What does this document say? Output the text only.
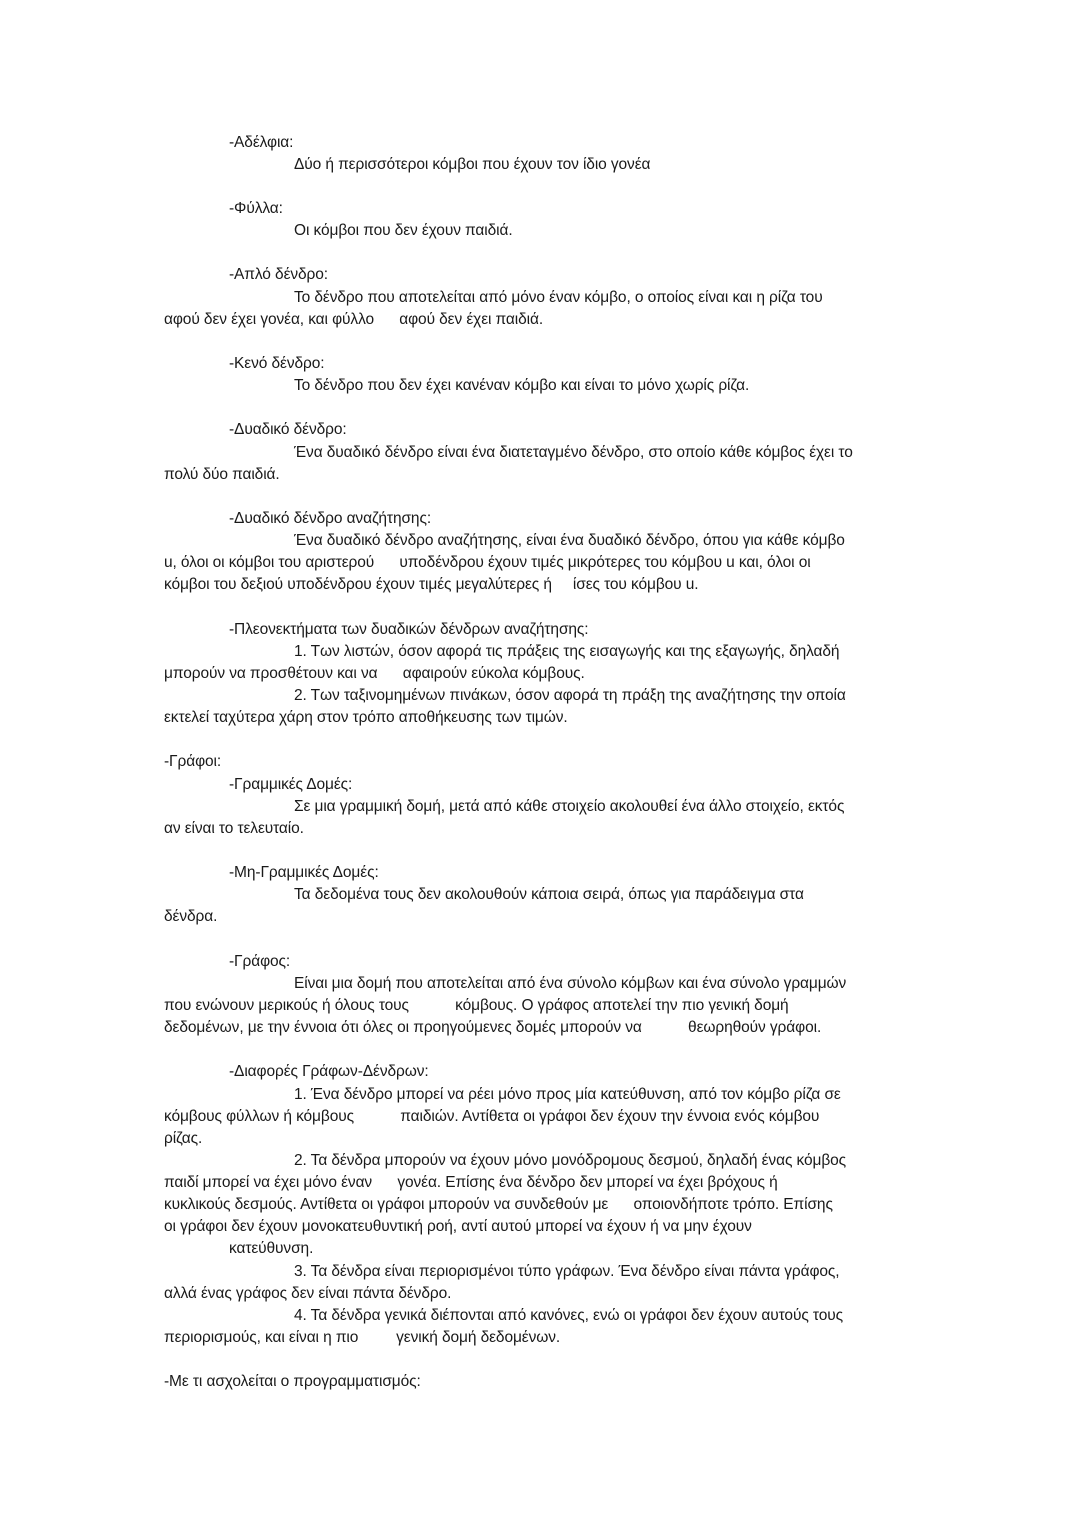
-Αδέλφια:
Δύο ή περισσότεροι κόμβοι που έχουν τον ίδιο γονέα
-Φύλλα:
Οι κόμβοι που δεν έχουν παιδιά.
-Απλό δένδρο:
Το δένδρο που αποτελείται από μόνο έναν κόμβο, ο οποίος είναι και η ρίζα του
αφού δεν έχει γονέα, και φύλλο      αφού δεν έχει παιδιά.
-Κενό δένδρο:
Το δένδρο που δεν έχει κανέναν κόμβο και είναι το μόνο χωρίς ρίζα.
-Δυαδικό δένδρο:
Ένα δυαδικό δένδρο είναι ένα διατεταγμένο δένδρο, στο οποίο κάθε κόμβος έχει το
πολύ δύο παιδιά.
-Δυαδικό δένδρο αναζήτησης:
Ένα δυαδικό δένδρο αναζήτησης, είναι ένα δυαδικό δένδρο, όπου για κάθε κόμβο
u, όλοι οι κόμβοι του αριστερού      υποδένδρου έχουν τιμές μικρότερες του κόμβου u και, όλοι οι
κόμβοι του δεξιού υποδένδρου έχουν τιμές μεγαλύτερες ή     ίσες του κόμβου u.
-Πλεονεκτήματα των δυαδικών δένδρων αναζήτησης:
1. Των λιστών, όσον αφορά τις πράξεις της εισαγωγής και της εξαγωγής, δηλαδή
μπορούν να προσθέτουν και να      αφαιρούν εύκολα κόμβους.
2. Των ταξινομημένων πινάκων, όσον αφορά τη πράξη της αναζήτησης την οποία
εκτελεί ταχύτερα χάρη στον τρόπο αποθήκευσης των τιμών.
-Γράφοι:
-Γραμμικές Δομές:
Σε μια γραμμική δομή, μετά από κάθε στοιχείο ακολουθεί ένα άλλο στοιχείο, εκτός
αν είναι το τελευταίο.
-Μη-Γραμμικές Δομές:
Τα δεδομένα τους δεν ακολουθούν κάποια σειρά, όπως για παράδειγμα στα
δένδρα.
-Γράφος:
Είναι μια δομή που αποτελείται από ένα σύνολο κόμβων και ένα σύνολο γραμμών
που ενώνουν μερικούς ή όλους τους           κόμβους. Ο γράφος αποτελεί την πιο γενική δομή
δεδομένων, με την έννοια ότι όλες οι προηγούμενες δομές μπορούν να           θεωρηθούν γράφοι.
-Διαφορές Γράφων-Δένδρων:
1. Ένα δένδρο μπορεί να ρέει μόνο προς μία κατεύθυνση, από τον κόμβο ρίζα σε
κόμβους φύλλων ή κόμβους           παιδιών. Αντίθετα οι γράφοι δεν έχουν την έννοια ενός κόμβου
ρίζας.
2. Τα δένδρα μπορούν να έχουν μόνο μονόδρομους δεσμού, δηλαδή ένας κόμβος
παιδί μπορεί να έχει μόνο έναν      γονέα. Επίσης ένα δένδρο δεν μπορεί να έχει βρόχους ή
κυκλικούς δεσμούς. Αντίθετα οι γράφοι μπορούν να συνδεθούν με      οποιονδήποτε τρόπο. Επίσης
οι γράφοι δεν έχουν μονοκατευθυντική ροή, αντί αυτού μπορεί να έχουν ή να μην έχουν
κατεύθυνση.
3. Τα δένδρα είναι περιορισμένοι τύπο γράφων. Ένα δένδρο είναι πάντα γράφος,
αλλά ένας γράφος δεν είναι πάντα δένδρο.
4. Τα δένδρα γενικά διέπονται από κανόνες, ενώ οι γράφοι δεν έχουν αυτούς τους
περιορισμούς, και είναι η πιο         γενική δομή δεδομένων.
-Με τι ασχολείται ο προγραμματισμός:
